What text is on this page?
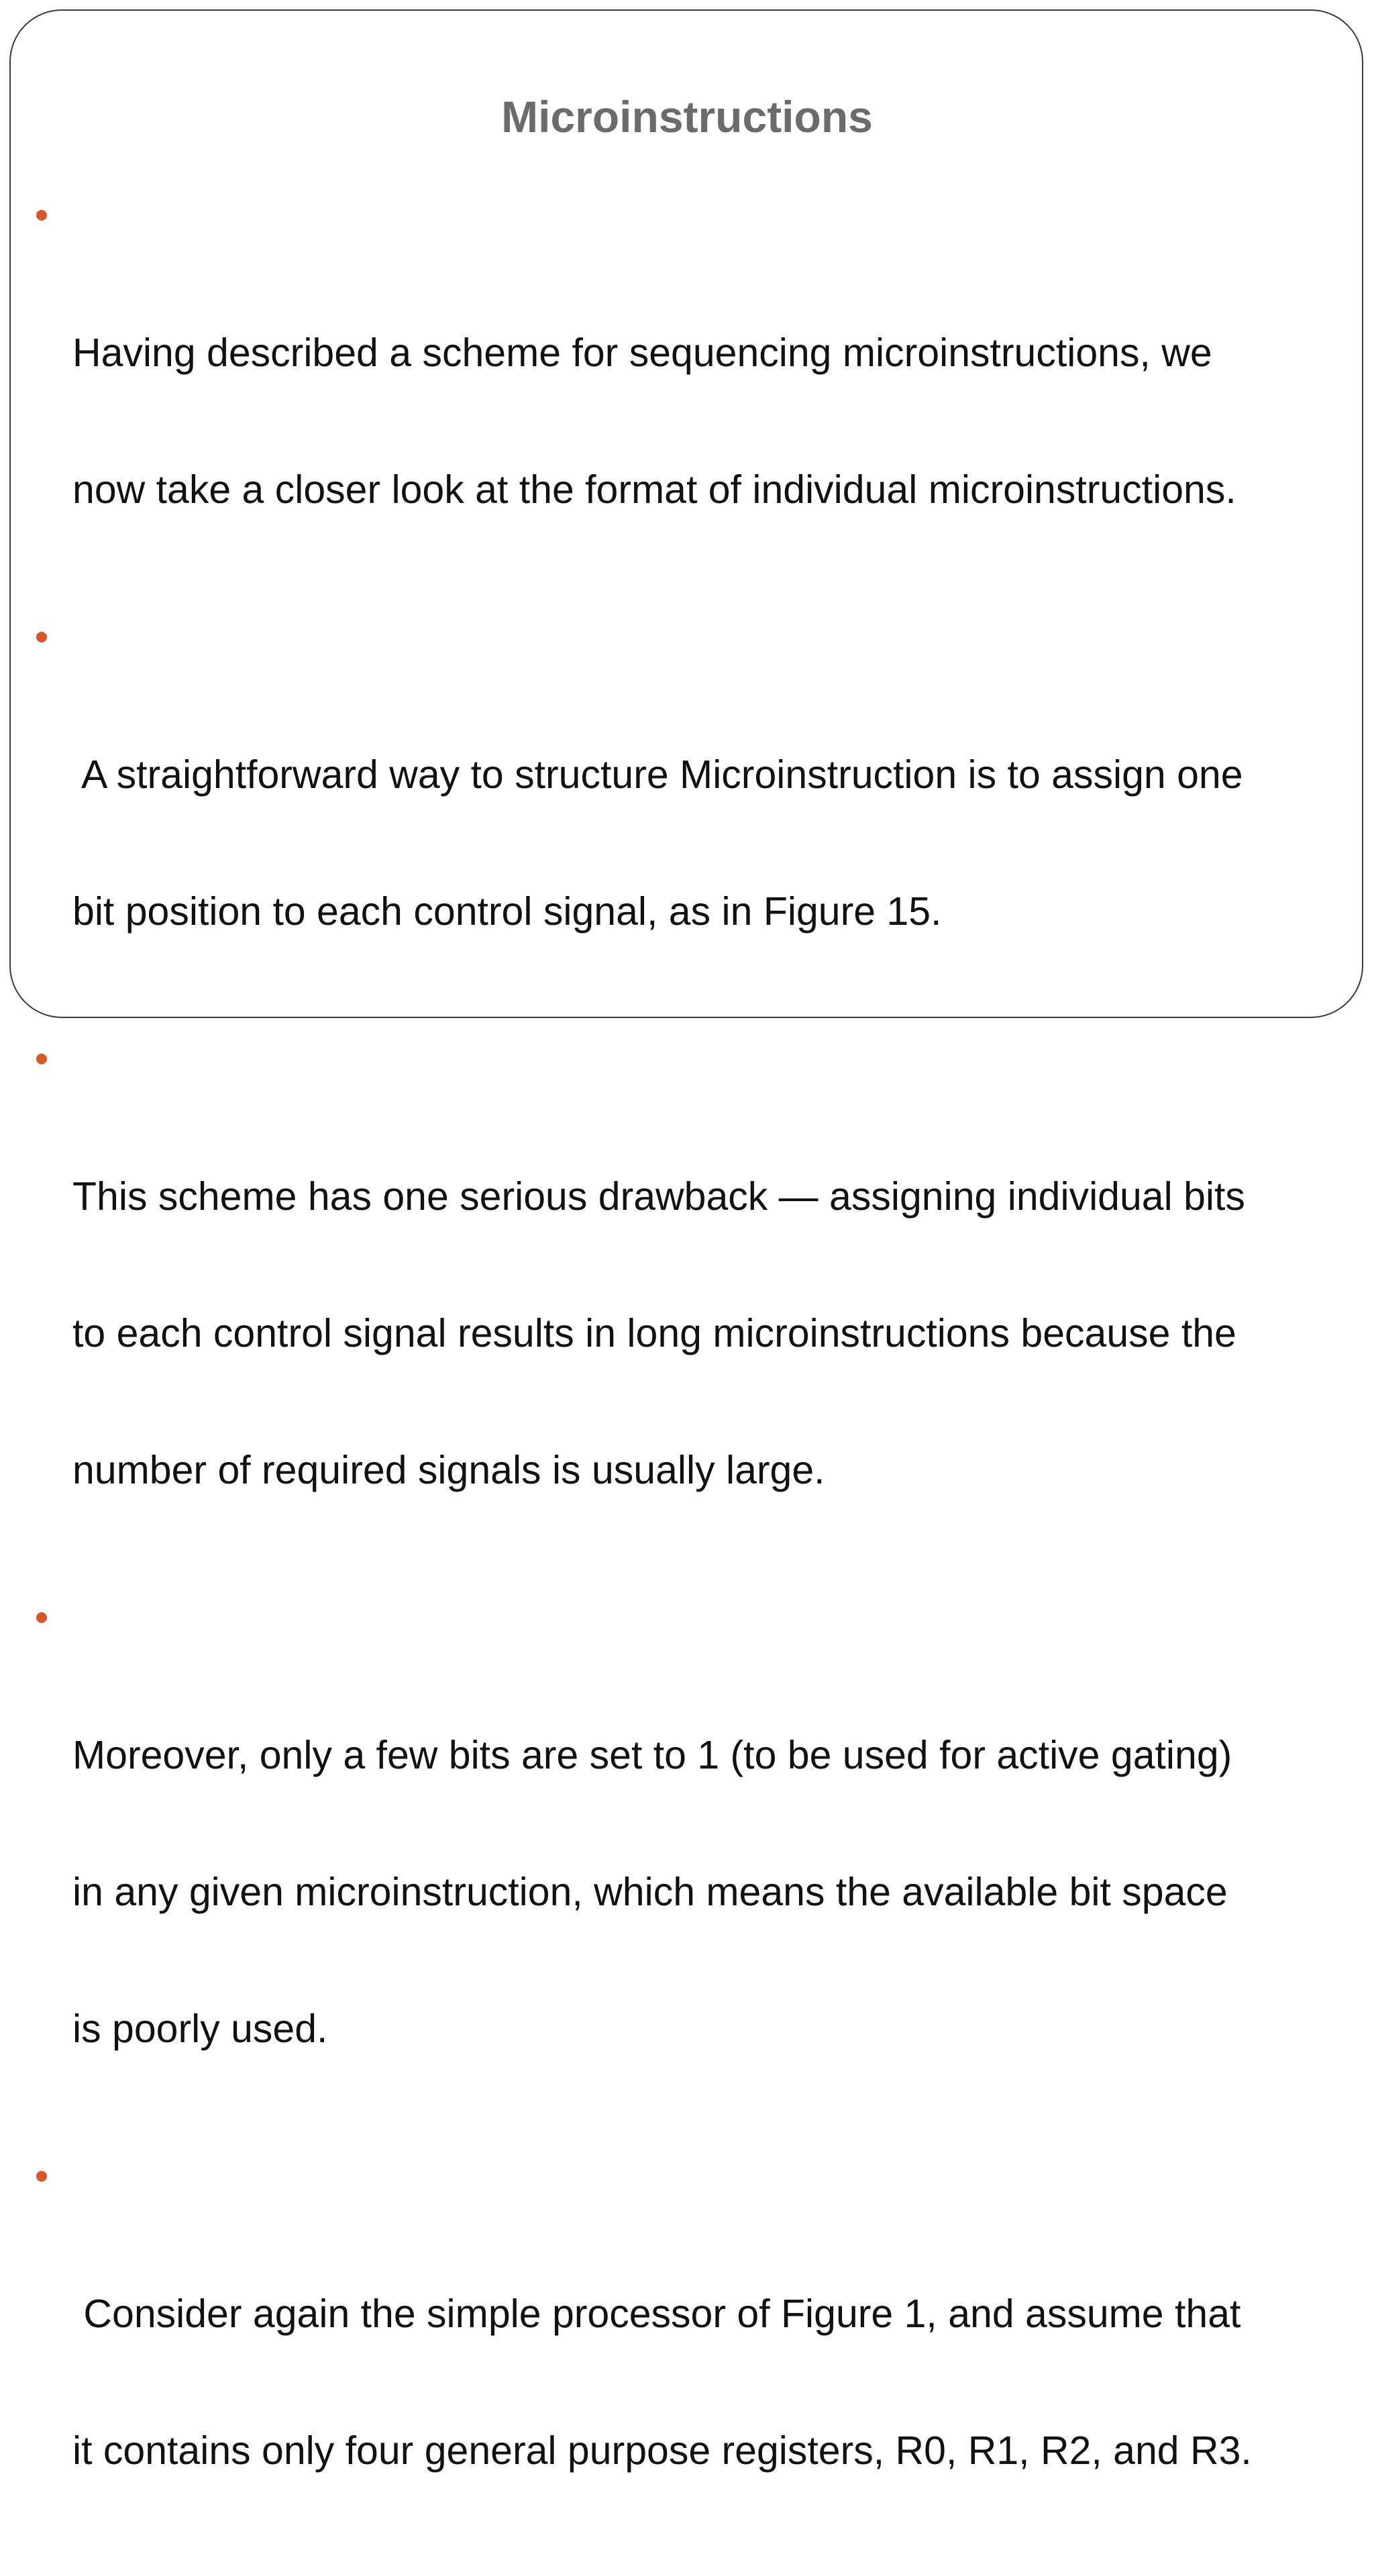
Microinstructions

Having described a scheme for sequencing microinstructions, we

now take a closer look at the format of individual microinstructions.

A straightforward way to structure Microinstruction is to assign one

bit position to each control signal, as in Figure 15.

This scheme has one serious drawback — assigning individual bits

to each control signal results in long microinstructions because the

number of required signals is usually large.

Moreover, only a few bits are set to 1 (to be used for active gating)

in any given microinstruction, which means the available bit space

is poorly used.

Consider again the simple processor of Figure 1, and assume that

it contains only four general purpose registers, R0, R1, R2, and R3.
